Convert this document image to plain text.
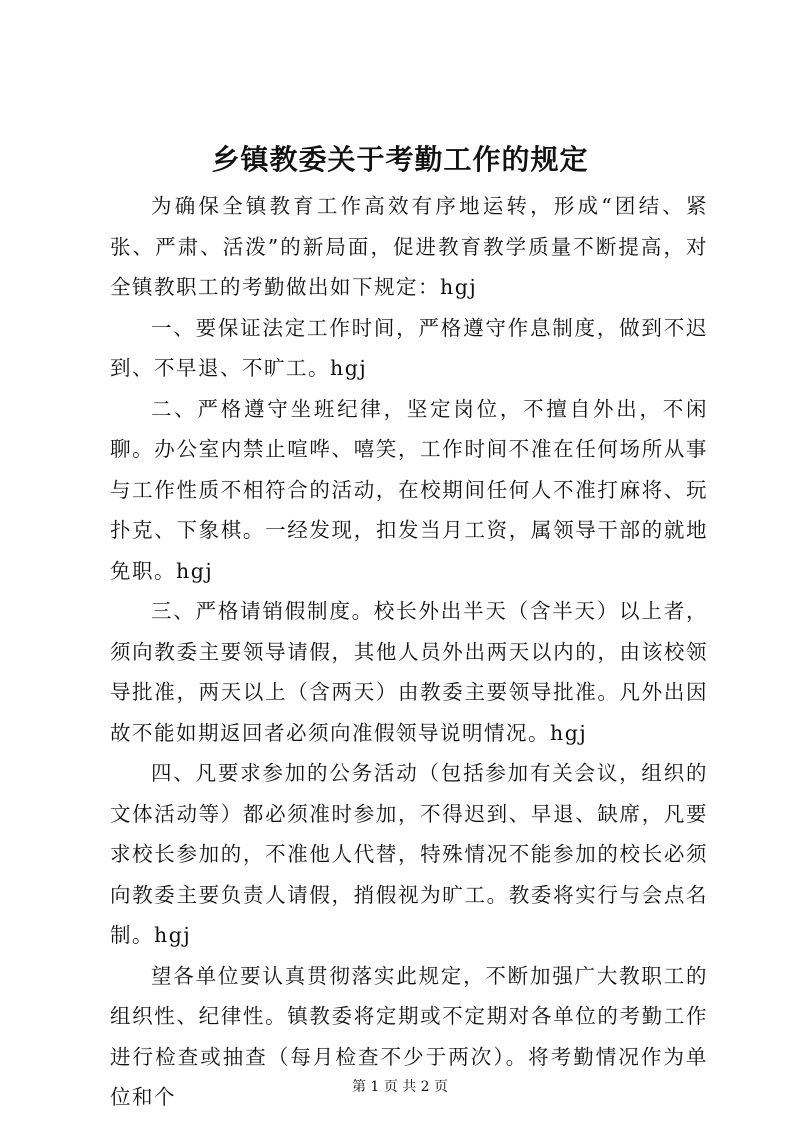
乡镇教委关于考勤工作的规定

为确保全镇教育工作高效有序地运转，形成“团结、紧张、严肃、活泼”的新局面，促进教育教学质量不断提高，对全镇教职工的考勤做出如下规定：hgj

一、要保证法定工作时间，严格遵守作息制度，做到不迟到、不早退、不旷工。hgj

二、严格遵守坐班纪律，坚定岗位，不擅自外出，不闲聊。办公室内禁止喧哗、嘻笑，工作时间不准在任何场所从事与工作性质不相符合的活动，在校期间任何人不准打麻将、玩扑克、下象棋。一经发现，扣发当月工资，属领导干部的就地免职。hgj

三、严格请销假制度。校长外出半天（含半天）以上者，须向教委主要领导请假，其他人员外出两天以内的，由该校领导批准，两天以上（含两天）由教委主要领导批准。凡外出因故不能如期返回者必须向准假领导说明情况。hgj

四、凡要求参加的公务活动（包括参加有关会议，组织的文体活动等）都必须准时参加，不得迟到、早退、缺席，凡要求校长参加的，不准他人代替，特殊情况不能参加的校长必须向教委主要负责人请假，捎假视为旷工。教委将实行与会点名制。hgj

望各单位要认真贯彻落实此规定，不断加强广大教职工的组织性、纪律性。镇教委将定期或不定期对各单位的考勤工作进行检查或抽查（每月检查不少于两次）。将考勤情况作为单位和个	第 1 页 共 2 页
